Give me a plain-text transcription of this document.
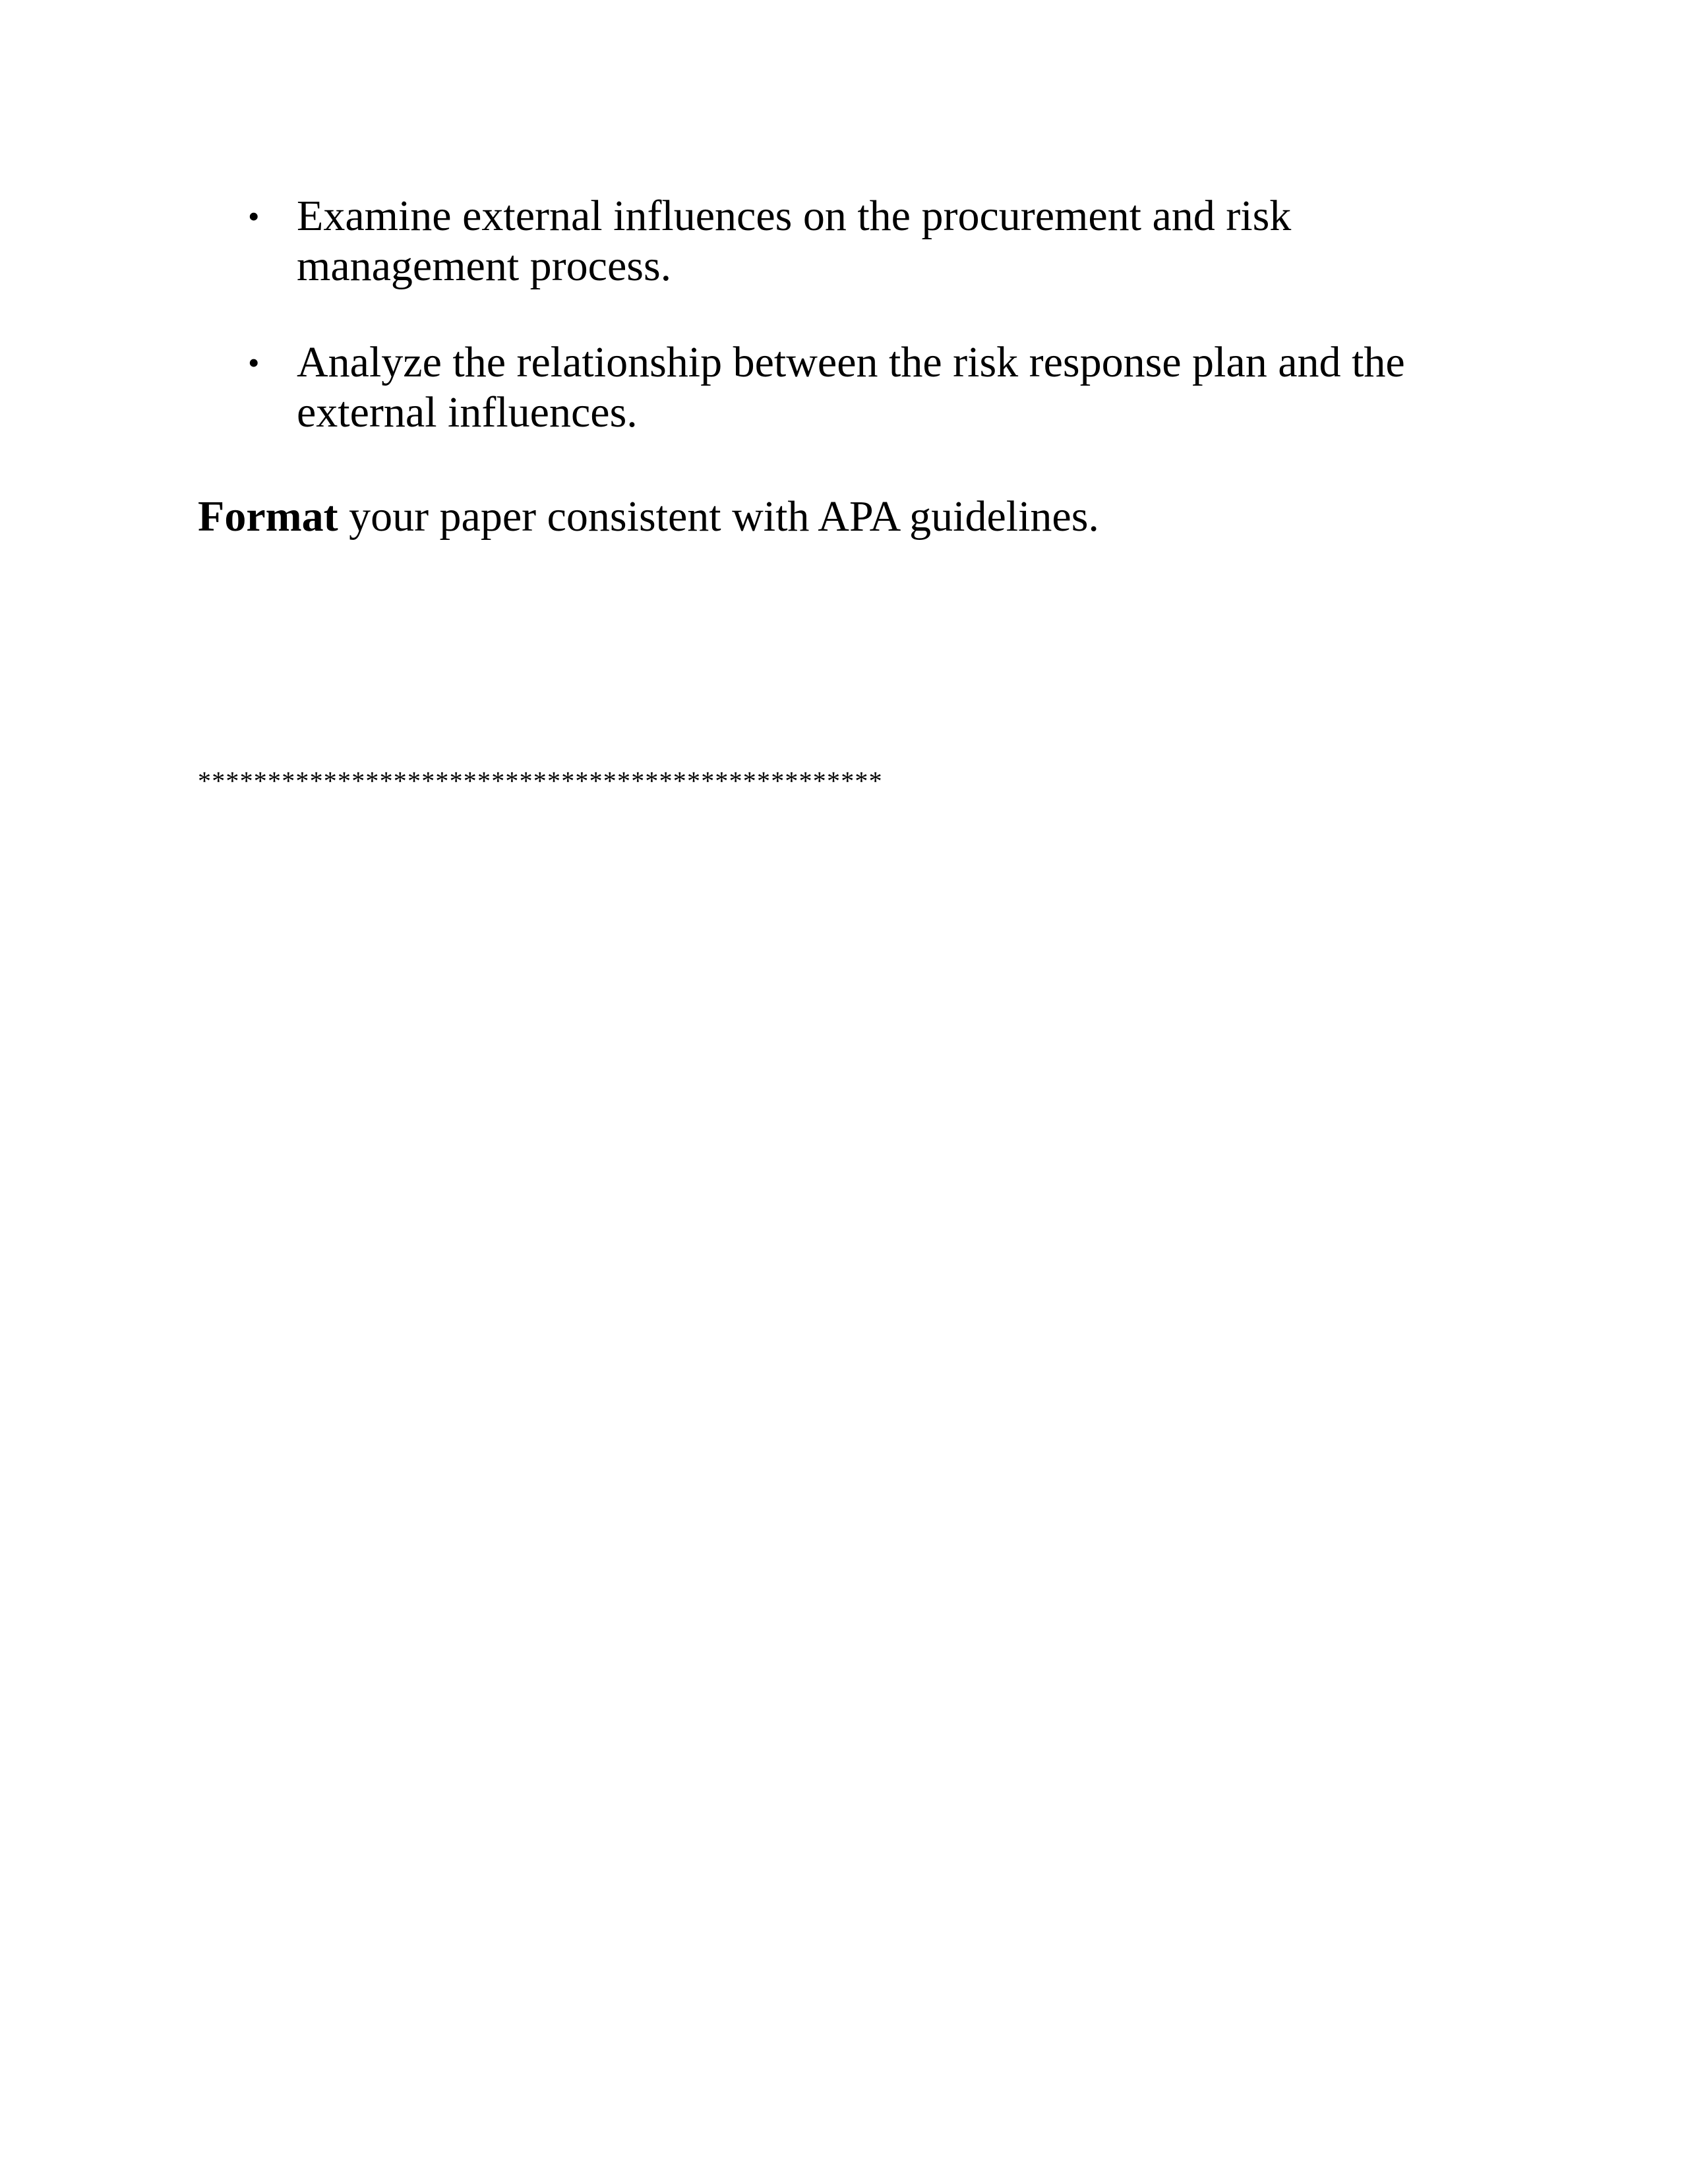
• Examine external influences on the procurement and risk management process.
• Analyze the relationship between the risk response plan and the external influences.

Format your paper consistent with APA guidelines.

*************************************************
